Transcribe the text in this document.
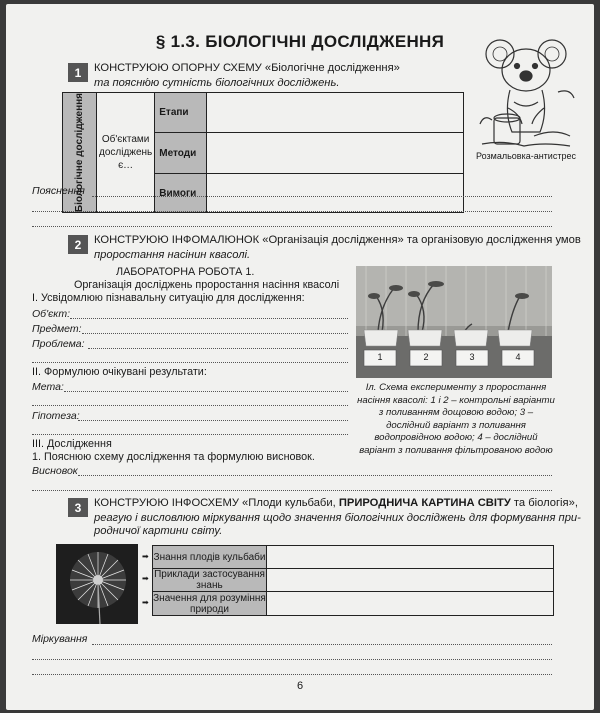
§ 1.3. БІОЛОГІЧНІ ДОСЛІДЖЕННЯ
Розмальовка-антистрес
1	КОНСТРУЮЮ ОПОРНУ СХЕМУ «Біологічне дослідження»
та поясню́ю сутність біологічних досліджень.
Біологічне дослідження	Об'єктами досліджень є…	Етапи	
		Методи	
		Вимоги	
Пояснення
2	КОНСТРУЮЮ ІНФОМАЛЮНОК «Організація дослідження» та організовую дослідження умов
проростання насінин квасолі.
ЛАБОРАТОРНА РОБОТА 1.
Організація досліджень проростання насіння квасолі
І. Усвідомлюю пізнавальну ситуацію для дослідження:
Об'єкт:
Предмет:
Проблема:
ІІ. Формулюю очікувані результати:
Мета:
Гіпотеза:
ІІІ. Дослідження
1. Пояснюю схему дослідження та формулюю висновок.
Висновок
1	2	3	4
Іл. Схема експерименту з проростання насіння квасолі: 1 і 2 – контрольні варіанти з поливанням дощовою водою; 3 – дослідний варіант з поливання водопровідною водою; 4 – дослідний варіант з поливання фільтрованою водою
3	КОНСТРУЮЮ ІНФОСХЕМУ «Плоди кульбаби, ПРИРОДНИЧА КАРТИНА СВІТУ та біологія»,
реагую і висловлюю міркування щодо значення біологічних досліджень для формування при-
родничої картини світу.
➡
➡
➡
Знання плодів кульбаби	
Приклади застосування знань	
Значення для розуміння природи	
Міркування
6
